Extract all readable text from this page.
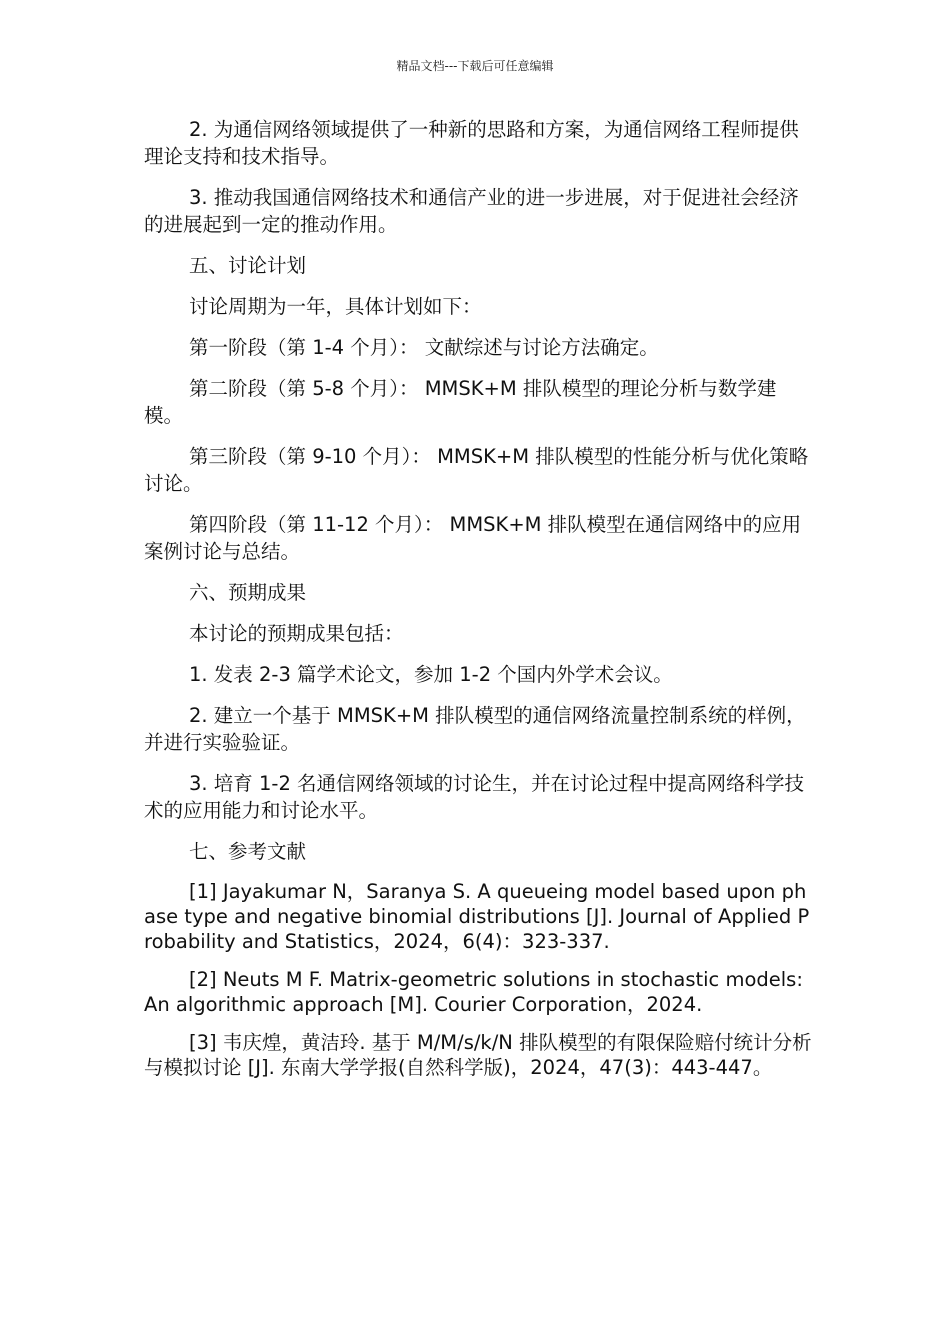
精品文档---下载后可任意编辑

2. 为通信网络领域提供了一种新的思路和方案，为通信网络工程师提供理论支持和技术指导。

3. 推动我国通信网络技术和通信产业的进一步进展，对于促进社会经济的进展起到一定的推动作用。

五、讨论计划

讨论周期为一年，具体计划如下：

第一阶段（第 1-4 个月）： 文献综述与讨论方法确定。

第二阶段（第 5-8 个月）： MMSK+M 排队模型的理论分析与数学建模。

第三阶段（第 9-10 个月）： MMSK+M 排队模型的性能分析与优化策略讨论。

第四阶段（第 11-12 个月）： MMSK+M 排队模型在通信网络中的应用案例讨论与总结。

六、预期成果

本讨论的预期成果包括：

1. 发表 2-3 篇学术论文，参加 1-2 个国内外学术会议。

2. 建立一个基于 MMSK+M 排队模型的通信网络流量控制系统的样例，并进行实验验证。

3. 培育 1-2 名通信网络领域的讨论生，并在讨论过程中提高网络科学技术的应用能力和讨论水平。

七、参考文献

[1] Jayakumar N，Saranya S. A queueing model based upon phase type and negative binomial distributions [J]. Journal of Applied Probability and Statistics，2024，6(4)：323-337.

[2] Neuts M F. Matrix-geometric solutions in stochastic models: An algorithmic approach [M]. Courier Corporation，2024.

[3] 韦庆煌，黄洁玲. 基于 M/M/s/k/N 排队模型的有限保险赔付统计分析与模拟讨论 [J]. 东南大学学报(自然科学版)，2024，47(3)：443-447。
